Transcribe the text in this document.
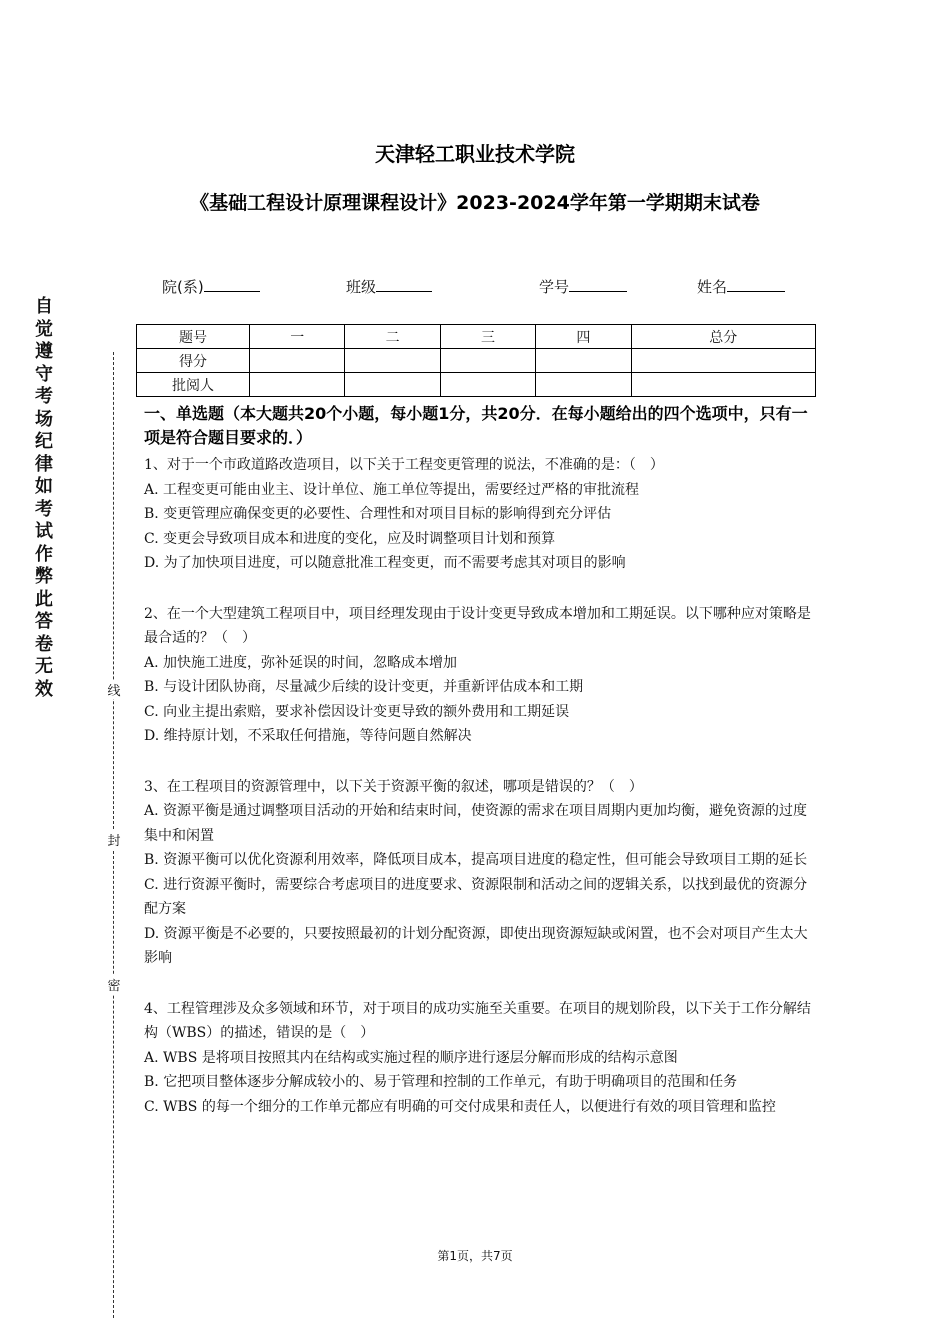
天津轻工职业技术学院
《基础工程设计原理课程设计》2023-2024学年第一学期期末试卷
院(系)	班级	学号	姓名
题号	一	二	三	四	总分
得分					
批阅人					
自觉遵守考场纪律如考试作弊此答卷无效	线
封
密
一、单选题（本大题共20个小题，每小题1分，共20分．在每小题给出的四个选项中，只有一项是符合题目要求的．）

1、对于一个市政道路改造项目，以下关于工程变更管理的说法，不准确的是：（　）

A. 工程变更可能由业主、设计单位、施工单位等提出，需要经过严格的审批流程

B. 变更管理应确保变更的必要性、合理性和对项目目标的影响得到充分评估

C. 变更会导致项目成本和进度的变化，应及时调整项目计划和预算

D. 为了加快项目进度，可以随意批准工程变更，而不需要考虑其对项目的影响

2、在一个大型建筑工程项目中，项目经理发现由于设计变更导致成本增加和工期延误。以下哪种应对策略是最合适的？（　）

A. 加快施工进度，弥补延误的时间，忽略成本增加

B. 与设计团队协商，尽量减少后续的设计变更，并重新评估成本和工期

C. 向业主提出索赔，要求补偿因设计变更导致的额外费用和工期延误

D. 维持原计划，不采取任何措施，等待问题自然解决

3、在工程项目的资源管理中，以下关于资源平衡的叙述，哪项是错误的？（　）

A. 资源平衡是通过调整项目活动的开始和结束时间，使资源的需求在项目周期内更加均衡，避免资源的过度集中和闲置

B. 资源平衡可以优化资源利用效率，降低项目成本，提高项目进度的稳定性，但可能会导致项目工期的延长

C. 进行资源平衡时，需要综合考虑项目的进度要求、资源限制和活动之间的逻辑关系，以找到最优的资源分配方案

D. 资源平衡是不必要的，只要按照最初的计划分配资源，即使出现资源短缺或闲置，也不会对项目产生太大影响

4、工程管理涉及众多领域和环节，对于项目的成功实施至关重要。在项目的规划阶段，以下关于工作分解结构（WBS）的描述，错误的是（　）

A. WBS 是将项目按照其内在结构或实施过程的顺序进行逐层分解而形成的结构示意图

B. 它把项目整体逐步分解成较小的、易于管理和控制的工作单元，有助于明确项目的范围和任务

C. WBS 的每一个细分的工作单元都应有明确的可交付成果和责任人，以便进行有效的项目管理和监控

第1页，共7页
